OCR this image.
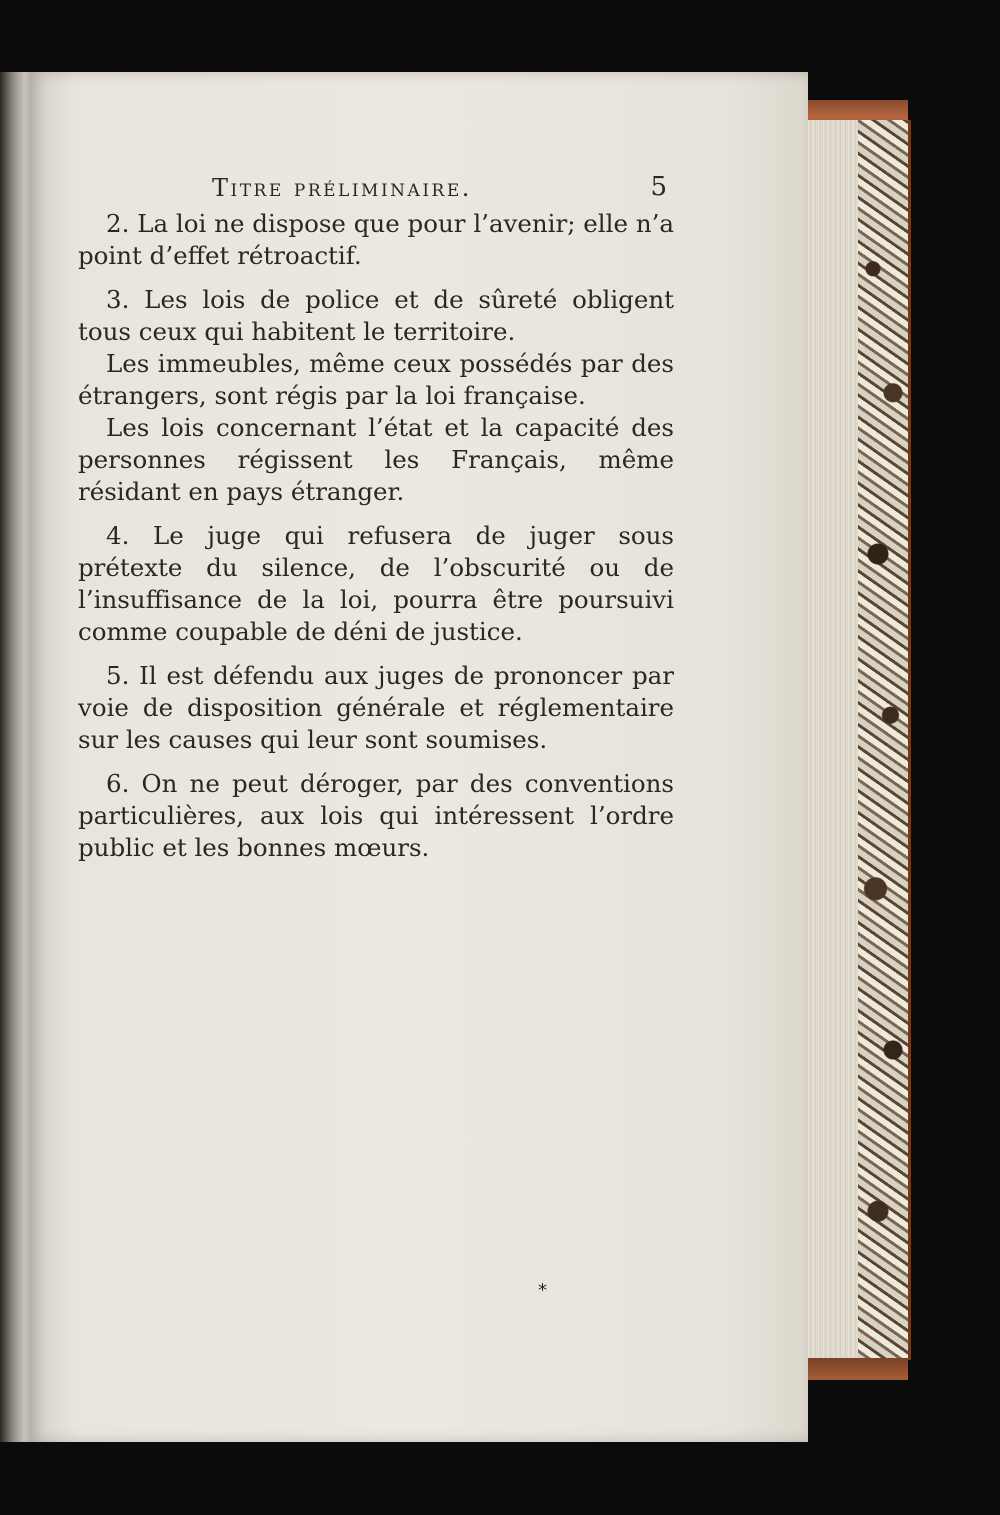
Titre préliminaire.	5

2. La loi ne dispose que pour l’avenir; elle n’a point d’effet rétroactif.

3. Les lois de police et de sûreté obligent tous ceux qui habitent le territoire.

Les immeubles, même ceux possédés par des étrangers, sont régis par la loi française.

Les lois concernant l’état et la capacité des personnes régissent les Français, même résidant en pays étranger.

4. Le juge qui refusera de juger sous prétexte du silence, de l’obscurité ou de l’insuffisance de la loi, pourra être poursuivi comme coupable de déni de justice.

5. Il est défendu aux juges de prononcer par voie de disposition générale et réglementaire sur les causes qui leur sont soumises.

6. On ne peut déroger, par des conventions particulières, aux lois qui intéressent l’ordre public et les bonnes mœurs.

*
